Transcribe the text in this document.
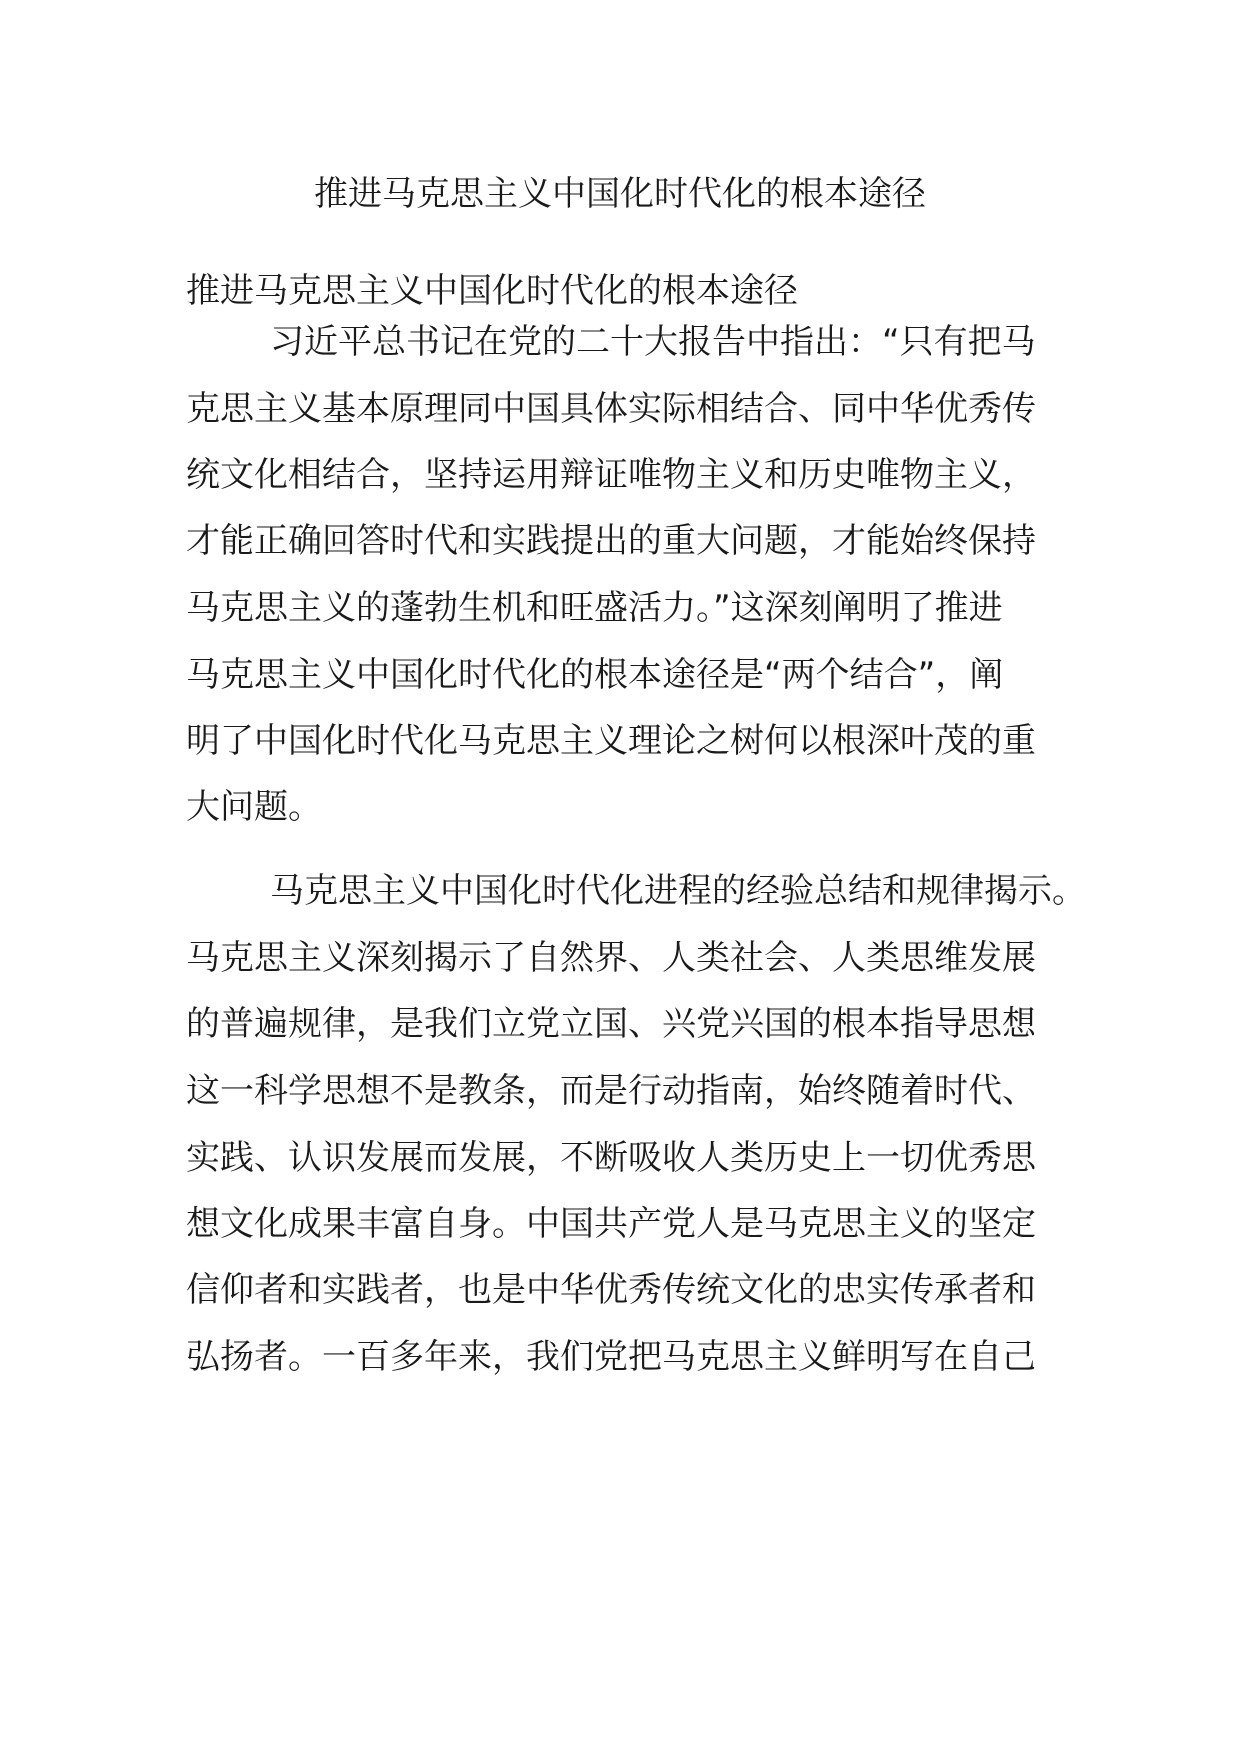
推进马克思主义中国化时代化的根本途径
推进马克思主义中国化时代化的根本途径

习近平总书记在党的二十大报告中指出：“只有把马

克思主义基本原理同中国具体实际相结合、同中华优秀传

统文化相结合，坚持运用辩证唯物主义和历史唯物主义，

才能正确回答时代和实践提出的重大问题，才能始终保持

马克思主义的蓬勃生机和旺盛活力。”这深刻阐明了推进

马克思主义中国化时代化的根本途径是“两个结合”，阐

明了中国化时代化马克思主义理论之树何以根深叶茂的重

大问题。

马克思主义中国化时代化进程的经验总结和规律揭示。

马克思主义深刻揭示了自然界、人类社会、人类思维发展

的普遍规律，是我们立党立国、兴党兴国的根本指导思想

这一科学思想不是教条，而是行动指南，始终随着时代、

实践、认识发展而发展，不断吸收人类历史上一切优秀思

想文化成果丰富自身。中国共产党人是马克思主义的坚定

信仰者和实践者，也是中华优秀传统文化的忠实传承者和

弘扬者。一百多年来，我们党把马克思主义鲜明写在自己
